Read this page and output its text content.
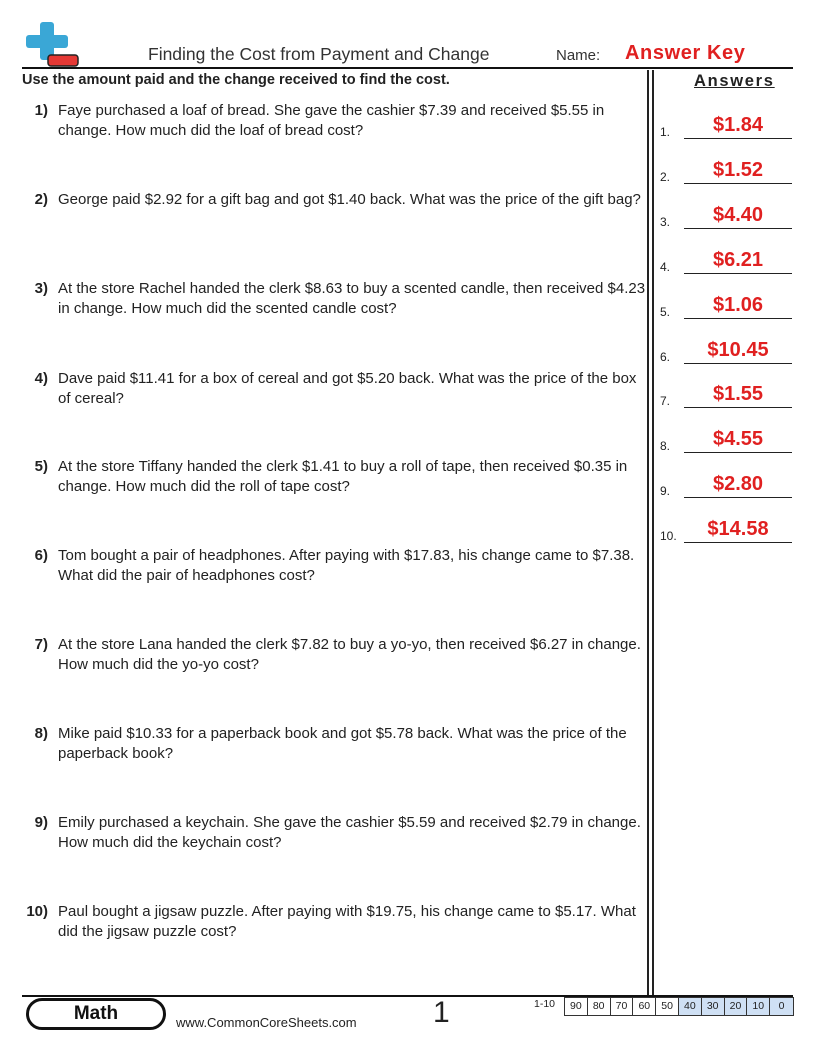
Finding the Cost from Payment and Change	Name: Answer Key
Use the amount paid and the change received to find the cost.	Answers
1) Faye purchased a loaf of bread. She gave the cashier $7.39 and received $5.55 in change. How much did the loaf of bread cost?
2) George paid $2.92 for a gift bag and got $1.40 back. What was the price of the gift bag?
3) At the store Rachel handed the clerk $8.63 to buy a scented candle, then received $4.23 in change. How much did the scented candle cost?
4) Dave paid $11.41 for a box of cereal and got $5.20 back. What was the price of the box of cereal?
5) At the store Tiffany handed the clerk $1.41 to buy a roll of tape, then received $0.35 in change. How much did the roll of tape cost?
6) Tom bought a pair of headphones. After paying with $17.83, his change came to $7.38. What did the pair of headphones cost?
7) At the store Lana handed the clerk $7.82 to buy a yo-yo, then received $6.27 in change. How much did the yo-yo cost?
8) Mike paid $10.33 for a paperback book and got $5.78 back. What was the price of the paperback book?
9) Emily purchased a keychain. She gave the cashier $5.59 and received $2.79 in change. How much did the keychain cost?
10) Paul bought a jigsaw puzzle. After paying with $19.75, his change came to $5.17. What did the jigsaw puzzle cost?
1.	$1.84
2.	$1.52
3.	$4.40
4.	$6.21
5.	$1.06
6.	$10.45
7.	$1.55
8.	$4.55
9.	$2.80
10.	$14.58
Math	www.CommonCoreSheets.com	1	1-10	90	80	70	60	50	40	30	20	10	0
